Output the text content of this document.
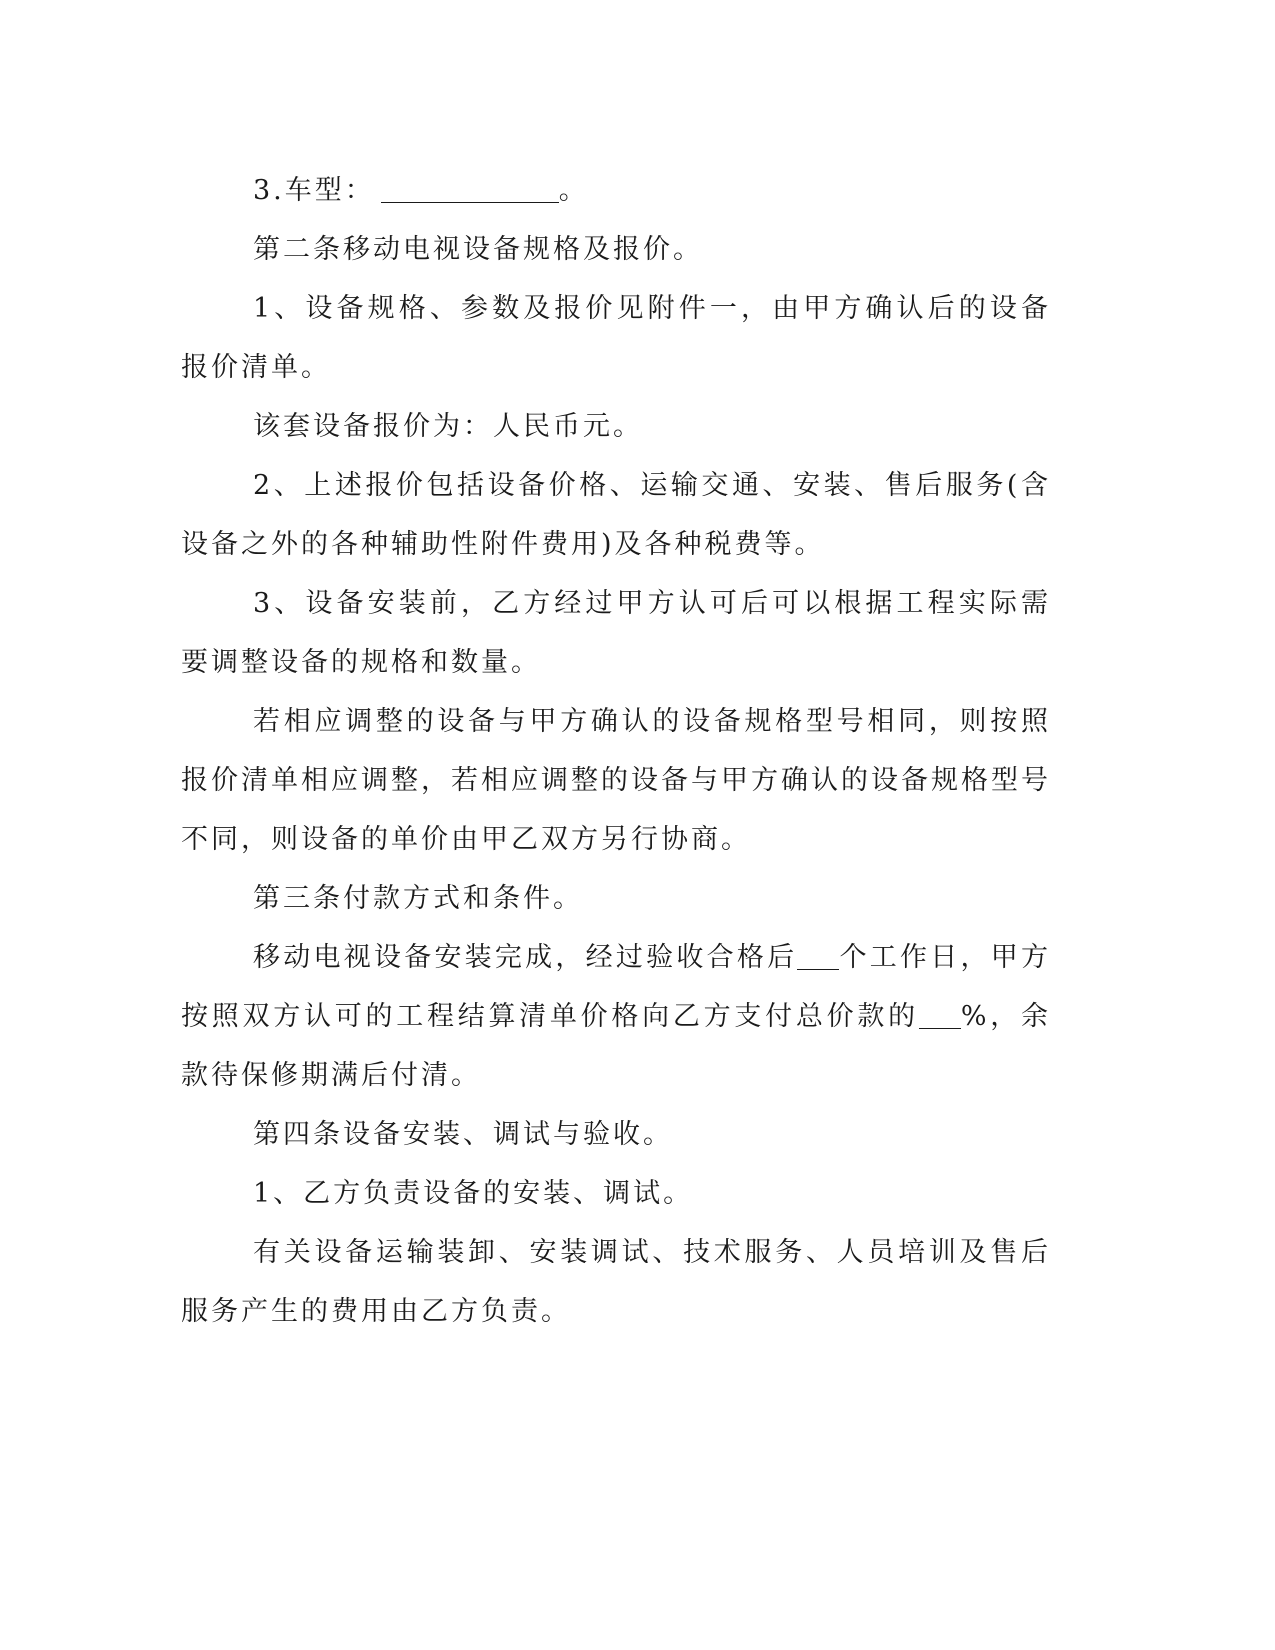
3.车型：	。

第二条移动电视设备规格及报价。

1、设备规格、参数及报价见附件一，由甲方确认后的设备报价清单。

该套设备报价为：人民币元。

2、上述报价包括设备价格、运输交通、安装、售后服务(含设备之外的各种辅助性附件费用)及各种税费等。

3、设备安装前，乙方经过甲方认可后可以根据工程实际需要调整设备的规格和数量。

若相应调整的设备与甲方确认的设备规格型号相同，则按照报价清单相应调整，若相应调整的设备与甲方确认的设备规格型号不同，则设备的单价由甲乙双方另行协商。

第三条付款方式和条件。

移动电视设备安装完成，经过验收合格后 个工作日，甲方按照双方认可的工程结算清单价格向乙方支付总价款的 %，余款待保修期满后付清。

第四条设备安装、调试与验收。

1、乙方负责设备的安装、调试。

有关设备运输装卸、安装调试、技术服务、人员培训及售后服务产生的费用由乙方负责。
